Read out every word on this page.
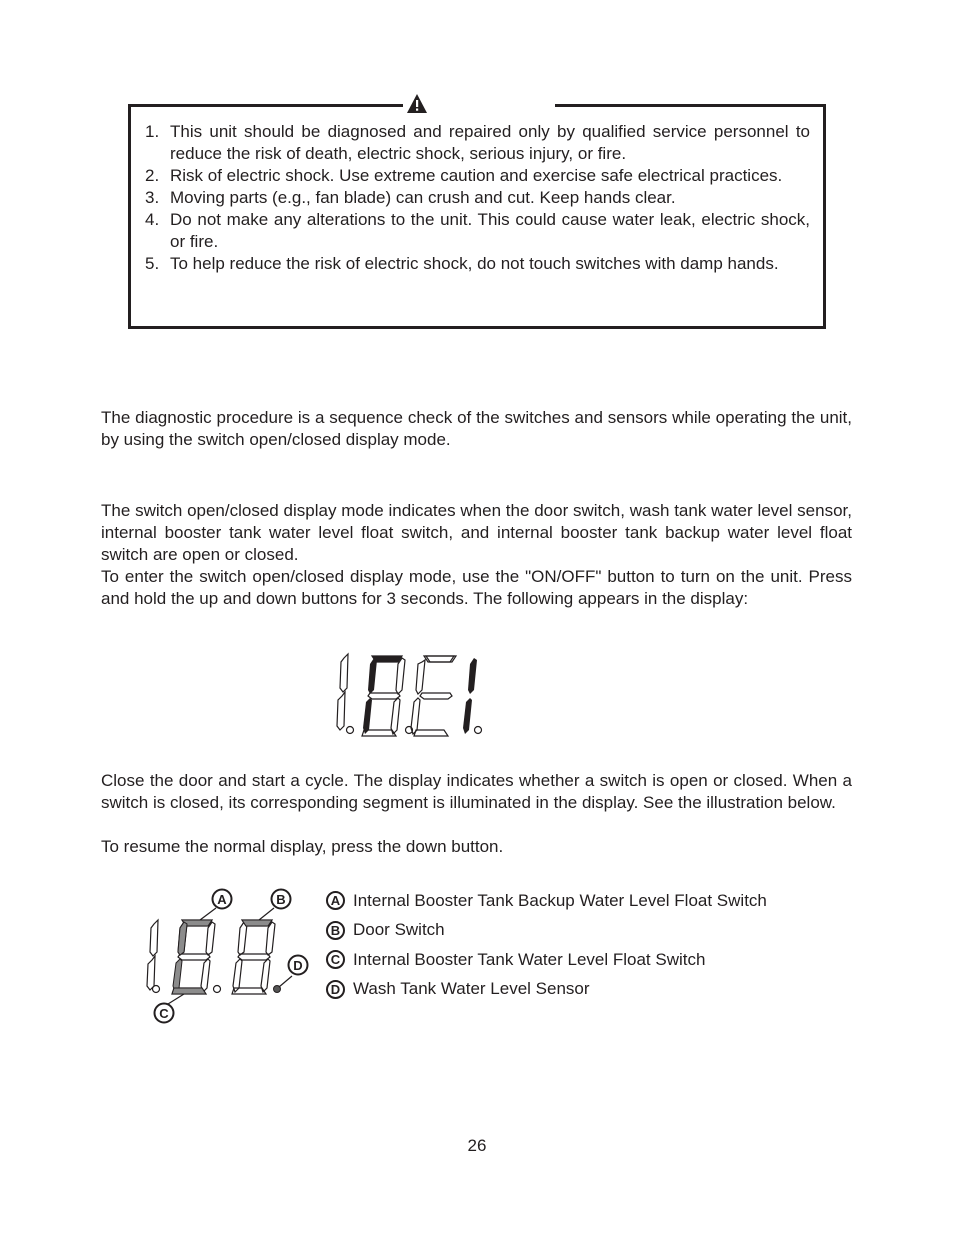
1. This unit should be diagnosed and repaired only by qualified service personnel to reduce the risk of death, electric shock, serious injury, or fire.
2. Risk of electric shock. Use extreme caution and exercise safe electrical practices.
3. Moving parts (e.g., fan blade) can crush and cut. Keep hands clear.
4. Do not make any alterations to the unit. This could cause water leak, electric shock, or fire.
5. To help reduce the risk of electric shock, do not touch switches with damp hands.

The diagnostic procedure is a sequence check of the switches and sensors while operating the unit, by using the switch open/closed display mode.

The switch open/closed display mode indicates when the door switch, wash tank water level sensor, internal booster tank water level float switch, and internal booster tank backup water level float switch are open or closed.

To enter the switch open/closed display mode, use the "ON/OFF" button to turn on the unit. Press and hold the up and down buttons for 3 seconds. The following appears in the display:

Close the door and start a cycle. The display indicates whether a switch is open or closed. When a switch is closed, its corresponding segment is illuminated in the display. See the illustration below.

To resume the normal display, press the down button.

A	B
C
D
A Internal Booster Tank Backup Water Level Float Switch
B Door Switch
C Internal Booster Tank Water Level Float Switch
D Wash Tank Water Level Sensor
26
